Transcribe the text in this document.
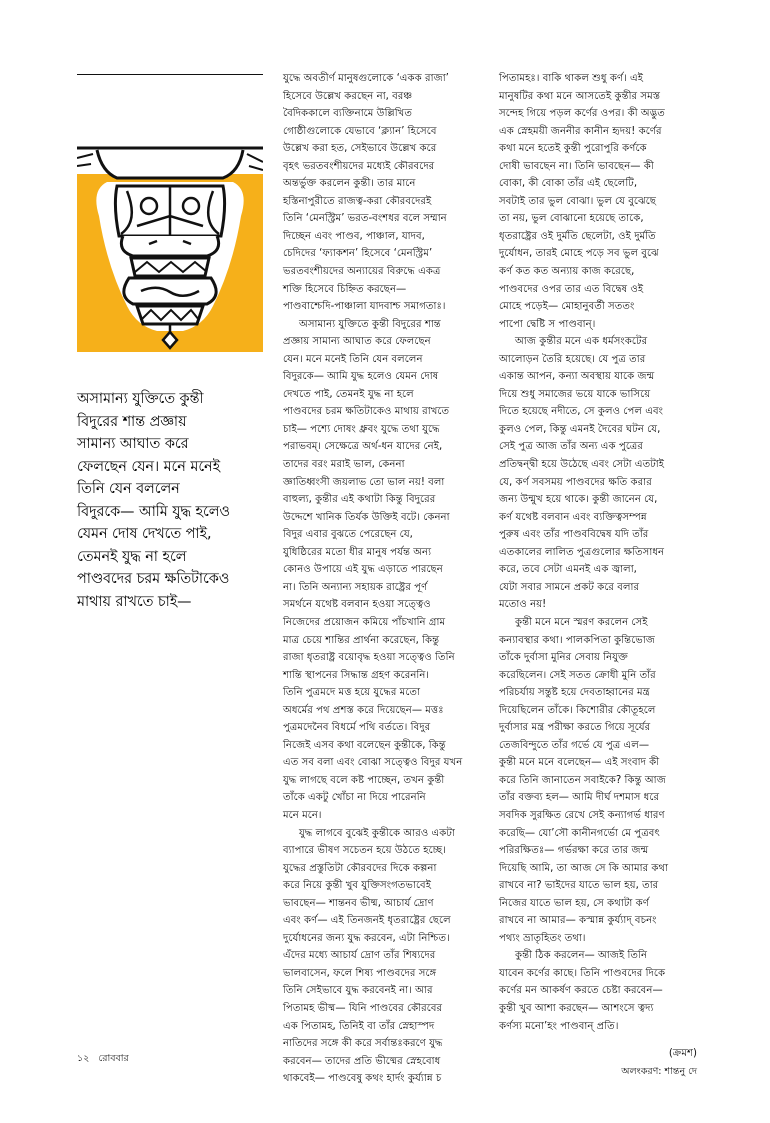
অসামান্য যুক্তিতে কুন্তী

বিদুরের শান্ত প্রজ্ঞায়

সামান্য আঘাত করে

ফেলছেন যেন। মনে মনেই

তিনি যেন বললেন

বিদুরকে— আমি যুদ্ধ হলেও

যেমন দোষ দেখতে পাই,

তেমনই যুদ্ধ না হলে

পাণ্ডবদের চরম ক্ষতিটাকেও

মাথায় রাখতে চাই—

যুদ্ধে অবতীর্ণ মানুষগুলোকে ‘একক রাজা’

হিসেবে উল্লেখ করছেন না, বরঞ্চ

বৈদিককালে ব্যক্তিনামে উল্লিখিত

গোষ্ঠীগুলোকে যেভাবে ‘ক্ল্যান’ হিসেবে

উল্লেখ করা হত, সেইভাবে উল্লেখ করে

বৃহৎ ভরতবংশীয়দের মধ্যেই কৌরবদের

অন্তর্ভুক্ত করলেন কুন্তী। তার মানে

হস্তিনাপুরীতে রাজত্ব-করা কৌরবদেরই

তিনি ‘মেনস্ট্রিম’ ভরত-বংশধর বলে সম্মান

দিচ্ছেন এবং পাণ্ডব, পাঞ্চাল, যাদব,

চেদিদের ‘ফ্যাকশন’ হিসেবে ‘মেনস্ট্রিম’

ভরতবংশীয়দের অন্যায়ের বিরুদ্ধে একত্র

শক্তি হিসেবে চিহ্নিত করছেন—

পাণ্ডবাশ্চেদি-পাঞ্চালা যাদবাশ্চ সমাগতাঃ।

অসামান্য যুক্তিতে কুন্তী বিদুরের শান্ত

প্রজ্ঞায় সামান্য আঘাত করে ফেলছেন

যেন। মনে মনেই তিনি যেন বললেন

বিদুরকে— আমি যুদ্ধ হলেও যেমন দোষ

দেখতে পাই, তেমনই যুদ্ধ না হলে

পাণ্ডবদের চরম ক্ষতিটাকেও মাথায় রাখতে

চাই— পশ্যে দোষং ধ্রুবং যুদ্ধে তথা যুদ্ধে

পরাভবম্‌। সেক্ষেত্রে অর্থ-ধন যাদের নেই,

তাদের বরং মরাই ভাল, কেননা

জ্ঞাতিধ্বংসী জয়লাভ তো ভাল নয়! বলা

বাহুল্য, কুন্তীর এই কথাটা কিন্তু বিদুরের

উদ্দেশে খানিক তির্যক উক্তিই বটে। কেননা

বিদুর এবার বুঝতে পেরেছেন যে,

যুধিষ্ঠিরের মতো ধীর মানুষ পর্যন্ত অন্য

কোনও উপায়ে এই যুদ্ধ এড়াতে পারছেন

না। তিনি অন্যান্য সহায়ক রাষ্ট্রের পূর্ণ

সমর্থনে যথেষ্ট বলবান হওয়া সত্ত্বেও

নিজেদের প্রয়োজন কমিয়ে পাঁচখানি গ্রাম

মাত্র চেয়ে শান্তির প্রার্থনা করেছেন, কিন্তু

রাজা ধৃতরাষ্ট্র বয়োবৃদ্ধ হওয়া সত্ত্বেও তিনি

শান্তি স্থাপনের সিদ্ধান্ত গ্রহণ করেননি।

তিনি পুত্রমদে মত্ত হয়ে যুদ্ধের মতো

অধর্মের পথ প্রশস্ত করে দিয়েছেন— মত্তঃ

পুত্রমদেনৈব বিধর্মে পথি বর্ততে। বিদুর

নিজেই এসব কথা বলেছেন কুন্তীকে, কিন্তু

এত সব বলা এবং বোঝা সত্ত্বেও বিদুর যখন

যুদ্ধ লাগছে বলে কষ্ট পাচ্ছেন, তখন কুন্তী

তাঁকে একটু খোঁচা না দিয়ে পারেননি

মনে মনে।

যুদ্ধ লাগবে বুঝেই কুন্তীকে আরও একটা

ব্যাপারে ভীষণ সচেতন হয়ে উঠতে হচ্ছে।

যুদ্ধের প্রস্তুতিটা কৌরবদের দিকে কল্পনা

করে নিয়ে কুন্তী খুব যুক্তিসংগতভাবেই

ভাবছেন— শান্তনব ভীষ্ম, আচার্য দ্রোণ

এবং কর্ণ— এই তিনজনই ধৃতরাষ্ট্রের ছেলে

দুর্যোধনের জন্য যুদ্ধ করবেন, এটা নিশ্চিত।

এঁদের মধ্যে আচার্য দ্রোণ তাঁর শিষ্যদের

ভালবাসেন, ফলে শিষ্য পাণ্ডবদের সঙ্গে

তিনি সেইভাবে যুদ্ধ করবেনই না। আর

পিতামহ ভীষ্ম— যিনি পাণ্ডবের কৌরবের

এক পিতামহ, তিনিই বা তাঁর স্নেহাস্পদ

নাতিদের সঙ্গে কী করে সর্বান্তঃকরণে যুদ্ধ

করবেন— তাদের প্রতি ভীষ্মের স্নেহবোধ

থাকবেই— পাণ্ডবেষু কথং হার্দং কুর্য্যান্ন চ

পিতামহঃ। বাকি থাকল শুধু কর্ণ। এই

মানুষটির কথা মনে আসতেই কুন্তীর সমস্ত

সন্দেহ গিয়ে পড়ল কর্ণের ওপর। কী অদ্ভুত

এক স্নেহময়ী জননীর কানীন হৃদয়! কর্ণের

কথা মনে হতেই কুন্তী পুরোপুরি কর্ণকে

দোষী ভাবছেন না। তিনি ভাবছেন— কী

বোকা, কী বোকা তাঁর এই ছেলেটি,

সবটাই তার ভুল বোঝা। ভুল যে বুঝেছে

তা নয়, ভুল বোঝানো হয়েছে তাকে,

ধৃতরাষ্ট্রের ওই দুর্মতি ছেলেটা, ওই দুর্মতি

দুর্যোধন, তারই মোহে পড়ে সব ভুল বুঝে

কর্ণ কত কত অন্যায় কাজ করেছে,

পাণ্ডবদের ওপর তার এত বিদ্বেষ ওই

মোহে পড়েই— মোহানুবর্তী সততং

পাপো দ্বেষ্টি স পাণ্ডবান্‌।

আজ কুন্তীর মনে এক ধর্মসংকটের

আলোড়ন তৈরি হয়েছে। যে পুত্র তার

একান্ত আপন, কন্যা অবস্থায় যাকে জন্ম

দিয়ে শুধু সমাজের ভয়ে যাকে ভাসিয়ে

দিতে হয়েছে নদীতে, সে কুলও পেল এবং

কুলও পেল, কিন্তু এমনই দৈবের ঘটন যে,

সেই পুত্র আজ তাঁর অন্য এক পুত্রের

প্রতিদ্বন্দ্বী হয়ে উঠেছে এবং সেটা এতটাই

যে, কর্ণ সবসময় পাণ্ডবদের ক্ষতি করার

জন্য উন্মুখ হয়ে থাকে। কুন্তী জানেন যে,

কর্ণ যথেষ্ট বলবান এবং ব্যক্তিত্বসম্পন্ন

পুরুষ এবং তাঁর পাণ্ডববিদ্বেষ যদি তাঁর

এতকালের লালিত পুত্রগুলোর ক্ষতিসাধন

করে, তবে সেটা এমনই এক জ্বালা,

যেটা সবার সামনে প্রকট করে বলার

মতোও নয়!

কুন্তী মনে মনে স্মরণ করলেন সেই

কন্যাবস্থার কথা। পালকপিতা কুন্তিভোজ

তাঁকে দুর্বাসা মুনির সেবায় নিযুক্ত

করেছিলেন। সেই সতত ক্রোধী মুনি তাঁর

পরিচর্যায় সন্তুষ্ট হয়ে দেবতাহ্বানের মন্ত্র

দিয়েছিলেন তাঁকে। কিশোরীর কৌতূহলে

দুর্বাসার মন্ত্র পরীক্ষা করতে গিয়ে সূর্যের

তেজবিন্দুতে তাঁর গর্ভে যে পুত্র এল—

কুন্তী মনে মনে বলেছেন— এই সংবাদ কী

করে তিনি জানাতেন সবাইকে? কিন্তু আজ

তাঁর বক্তব্য হল— আমি দীর্ঘ দশমাস ধরে

সবদিক সুরক্ষিত রেখে সেই কন্যাগর্ভ ধারণ

করেছি— যো’সৌ কানীনগর্ভো মে পুত্রবৎ

পরিরক্ষিতঃ— গর্ভরক্ষা করে তার জন্ম

দিয়েছি আমি, তা আজ সে কি আমার কথা

রাখবে না? ভাইদের যাতে ভাল হয়, তার

নিজের যাতে ভাল হয়, সে কথাটা কর্ণ

রাখবে না আমার— কস্মান্ন কুর্য্যাদ্‌ বচনং

পথ্যং ভ্রাতৃহিতং তথা।

কুন্তী ঠিক করলেন— আজই তিনি

যাবেন কর্ণের কাছে। তিনি পাণ্ডবদের দিকে

কর্ণের মন আকর্ষণ করতে চেষ্টা করবেন—

কুন্তী খুব আশা করছেন— আশংসে ত্বদ্য

কর্ণস্য মনো’হং পাণ্ডবান্‌ প্রতি।

(ক্রমশ)

অলংকরণ: শান্তনু দে

১২ রোববার
